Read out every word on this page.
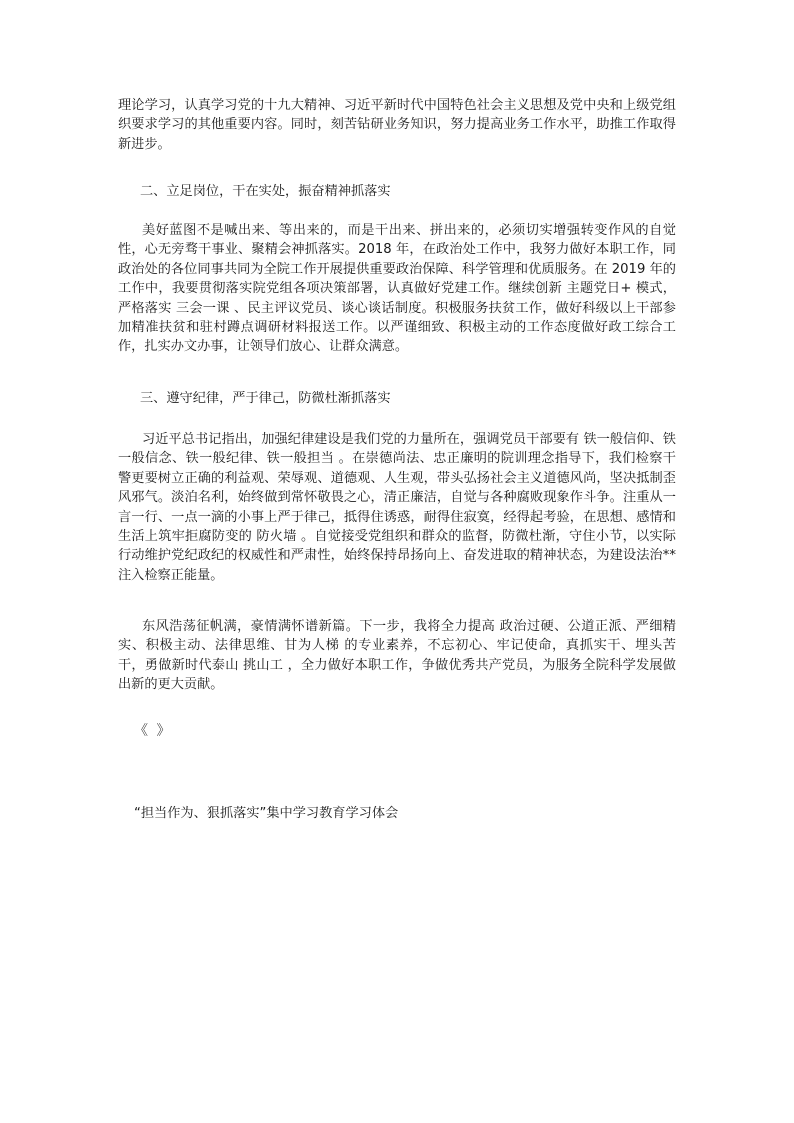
理论学习，认真学习党的十九大精神、习近平新时代中国特色社会主义思想及党中央和上级党组织要求学习的其他重要内容。同时，刻苦钻研业务知识，努力提高业务工作水平，助推工作取得新进步。

二、立足岗位，干在实处，振奋精神抓落实

美好蓝图不是喊出来、等出来的，而是干出来、拼出来的，必须切实增强转变作风的自觉性，心无旁骛干事业、聚精会神抓落实。2018 年，在政治处工作中，我努力做好本职工作，同政治处的各位同事共同为全院工作开展提供重要政治保障、科学管理和优质服务。在 2019 年的工作中，我要贯彻落实院党组各项决策部署，认真做好党建工作。继续创新 主题党日+ 模式，严格落实 三会一课 、民主评议党员、谈心谈话制度。积极服务扶贫工作，做好科级以上干部参加精准扶贫和驻村蹲点调研材料报送工作。以严谨细致、积极主动的工作态度做好政工综合工作，扎实办文办事，让领导们放心、让群众满意。

三、遵守纪律，严于律己，防微杜渐抓落实

习近平总书记指出，加强纪律建设是我们党的力量所在，强调党员干部要有 铁一般信仰、铁一般信念、铁一般纪律、铁一般担当 。在崇德尚法、忠正廉明的院训理念指导下，我们检察干警更要树立正确的利益观、荣辱观、道德观、人生观，带头弘扬社会主义道德风尚，坚决抵制歪风邪气。淡泊名利，始终做到常怀敬畏之心，清正廉洁，自觉与各种腐败现象作斗争。注重从一言一行、一点一滴的小事上严于律己，抵得住诱惑，耐得住寂寞，经得起考验，在思想、感情和生活上筑牢拒腐防变的 防火墙 。自觉接受党组织和群众的监督，防微杜渐，守住小节，以实际行动维护党纪政纪的权威性和严肃性，始终保持昂扬向上、奋发进取的精神状态，为建设法治**注入检察正能量。

东风浩荡征帆满，豪情满怀谱新篇。下一步，我将全力提高 政治过硬、公道正派、严细精实、积极主动、法律思维、甘为人梯 的专业素养，不忘初心、牢记使命，真抓实干、埋头苦干，勇做新时代泰山 挑山工 ，全力做好本职工作，争做优秀共产党员，为服务全院科学发展做出新的更大贡献。

《 》
“担当作为、狠抓落实”集中学习教育学习体会
